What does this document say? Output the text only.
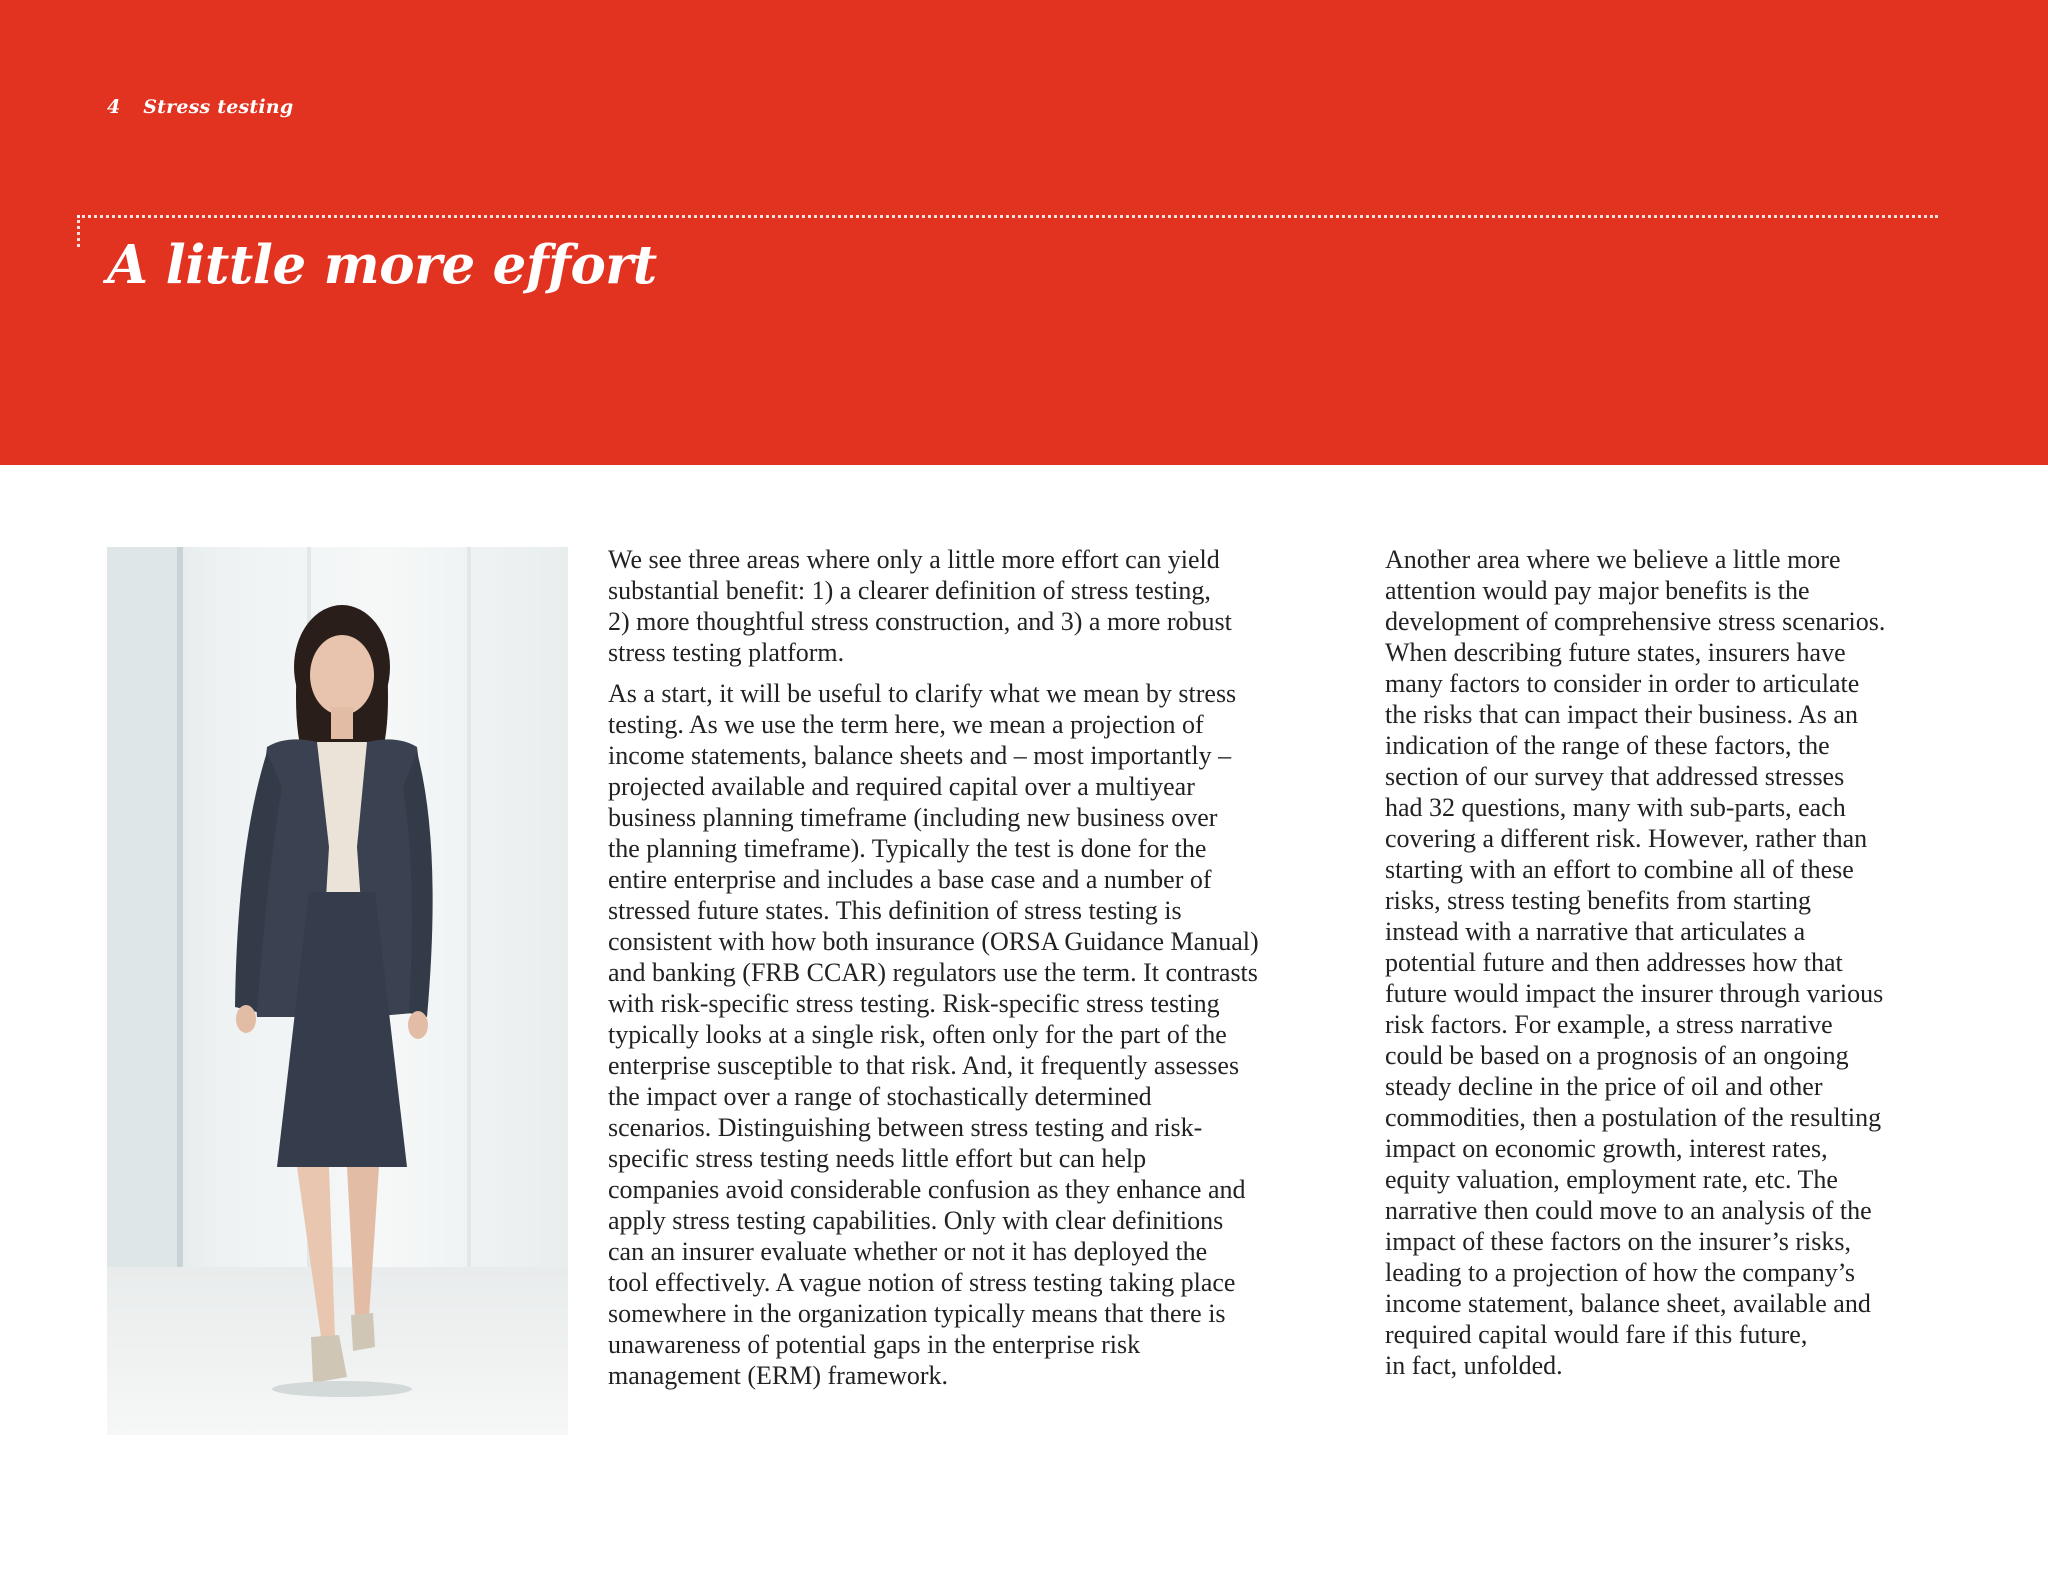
4 Stress testing
A little more effort

We see three areas where only a little more effort can yield
substantial benefit: 1) a clearer definition of stress testing,
2) more thoughtful stress construction, and 3) a more robust
stress testing platform.

As a start, it will be useful to clarify what we mean by stress
testing. As we use the term here, we mean a projection of
income statements, balance sheets and – most importantly –
projected available and required capital over a multiyear
business planning timeframe (including new business over
the planning timeframe). Typically the test is done for the
entire enterprise and includes a base case and a number of
stressed future states. This definition of stress testing is
consistent with how both insurance (ORSA Guidance Manual)
and banking (FRB CCAR) regulators use the term. It contrasts
with risk-specific stress testing. Risk-specific stress testing
typically looks at a single risk, often only for the part of the
enterprise susceptible to that risk. And, it frequently assesses
the impact over a range of stochastically determined
scenarios. Distinguishing between stress testing and risk-
specific stress testing needs little effort but can help
companies avoid considerable confusion as they enhance and
apply stress testing capabilities. Only with clear definitions
can an insurer evaluate whether or not it has deployed the
tool effectively. A vague notion of stress testing taking place
somewhere in the organization typically means that there is
unawareness of potential gaps in the enterprise risk
management (ERM) framework.

Another area where we believe a little more
attention would pay major benefits is the
development of comprehensive stress scenarios.
When describing future states, insurers have
many factors to consider in order to articulate
the risks that can impact their business. As an
indication of the range of these factors, the
section of our survey that addressed stresses
had 32 questions, many with sub-parts, each
covering a different risk. However, rather than
starting with an effort to combine all of these
risks, stress testing benefits from starting
instead with a narrative that articulates a
potential future and then addresses how that
future would impact the insurer through various
risk factors. For example, a stress narrative
could be based on a prognosis of an ongoing
steady decline in the price of oil and other
commodities, then a postulation of the resulting
impact on economic growth, interest rates,
equity valuation, employment rate, etc. The
narrative then could move to an analysis of the
impact of these factors on the insurer’s risks,
leading to a projection of how the company’s
income statement, balance sheet, available and
required capital would fare if this future,
in fact, unfolded.
